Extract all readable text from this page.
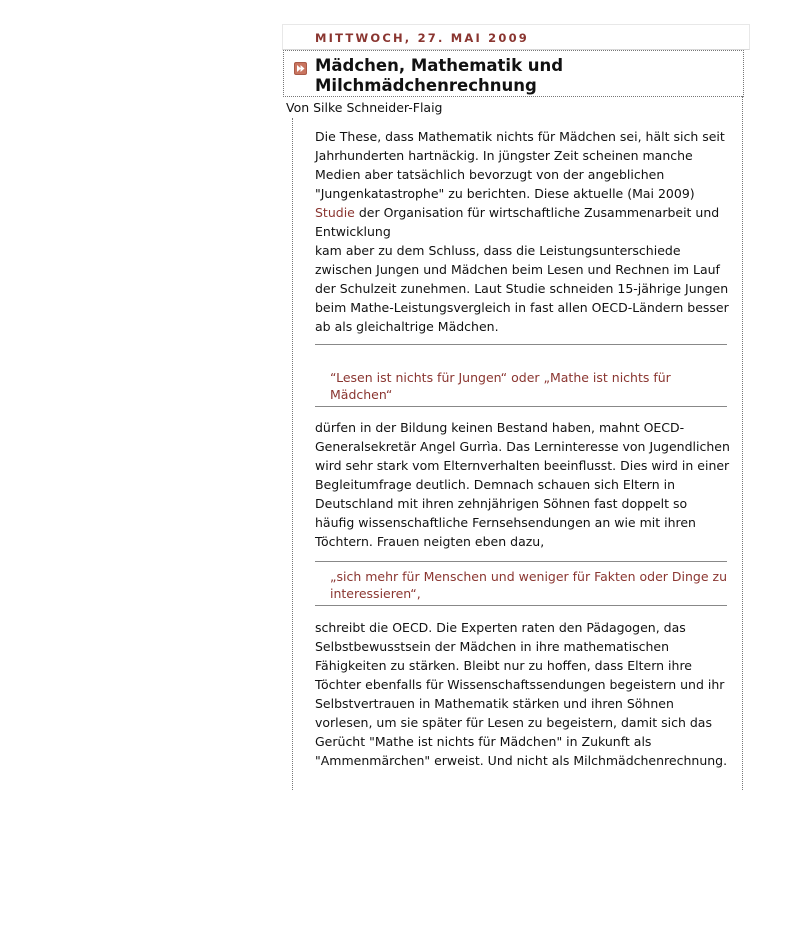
MITTWOCH, 27. MAI 2009
Mädchen, Mathematik und Milchmädchenrechnung
Von Silke Schneider-Flaig
Die These, dass Mathematik nichts für Mädchen sei, hält sich seit Jahrhunderten hartnäckig. In jüngster Zeit scheinen manche Medien aber tatsächlich bevorzugt von der angeblichen "Jungenkatastrophe" zu berichten. Diese aktuelle (Mai 2009) Studie der Organisation für wirtschaftliche Zusammenarbeit und Entwicklung
kam aber zu dem Schluss, dass die Leistungsunterschiede zwischen Jungen und Mädchen beim Lesen und Rechnen im Lauf der Schulzeit zunehmen. Laut Studie schneiden 15-jährige Jungen beim Mathe-Leistungsvergleich in fast allen OECD-Ländern besser ab als gleichaltrige Mädchen.
“Lesen ist nichts für Jungen“ oder „Mathe ist nichts für Mädchen“
dürfen in der Bildung keinen Bestand haben, mahnt OECD-Generalsekretär Angel Gurrìa. Das Lerninteresse von Jugendlichen wird sehr stark vom Elternverhalten beeinflusst. Dies wird in einer Begleitumfrage deutlich. Demnach schauen sich Eltern in Deutschland mit ihren zehnjährigen Söhnen fast doppelt so häufig wissenschaftliche Fernsehsendungen an wie mit ihren Töchtern. Frauen neigten eben dazu,
„sich mehr für Menschen und weniger für Fakten oder Dinge zu interessieren“,
schreibt die OECD. Die Experten raten den Pädagogen, das Selbstbewusstsein der Mädchen in ihre mathematischen Fähigkeiten zu stärken. Bleibt nur zu hoffen, dass Eltern ihre Töchter ebenfalls für Wissenschaftssendungen begeistern und ihr Selbstvertrauen in Mathematik stärken und ihren Söhnen vorlesen, um sie später für Lesen zu begeistern, damit sich das Gerücht "Mathe ist nichts für Mädchen" in Zukunft als "Ammenmärchen" erweist. Und nicht als Milchmädchenrechnung.
